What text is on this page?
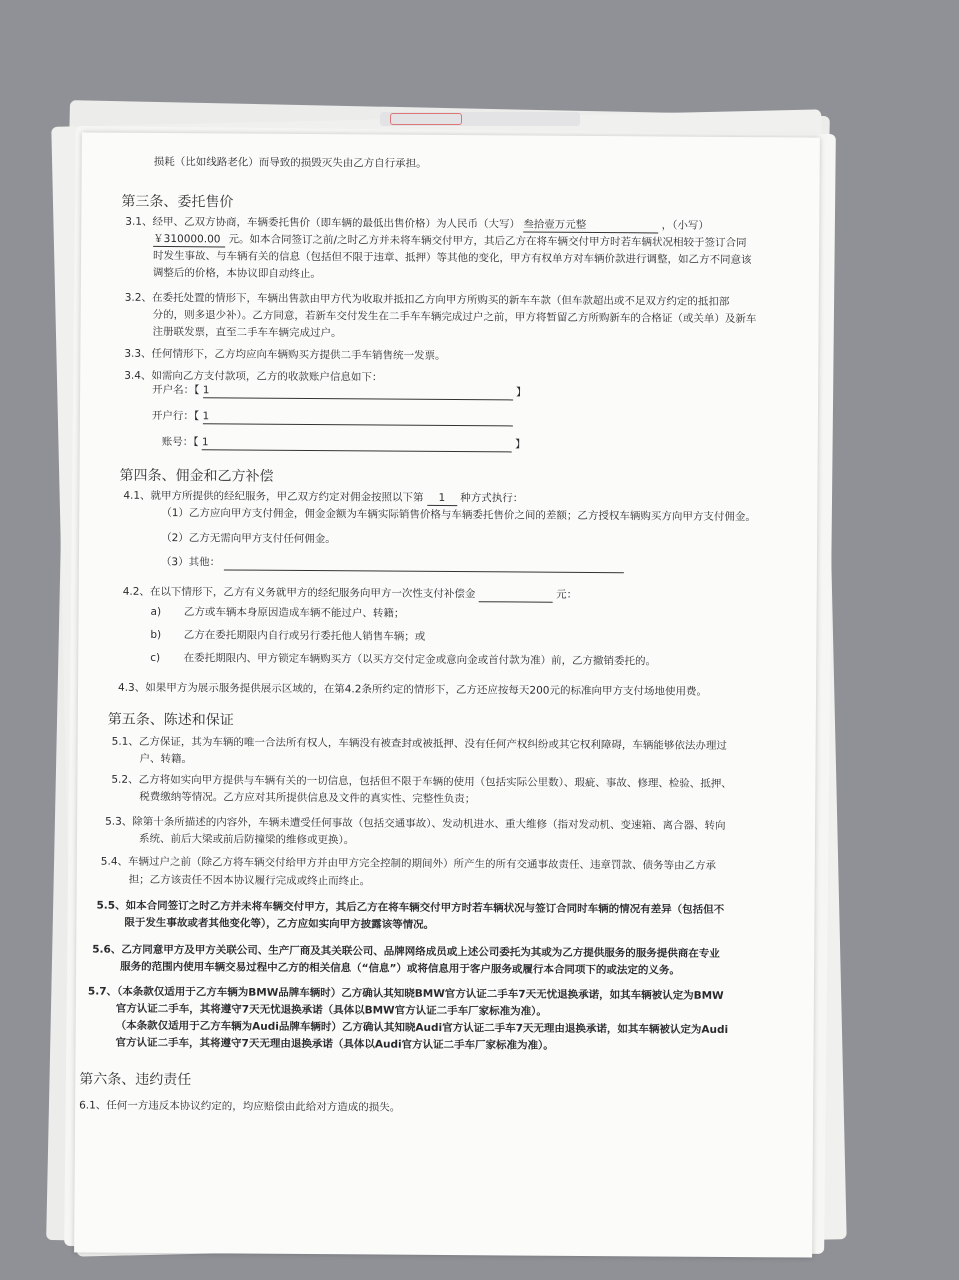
损耗（比如线路老化）而导致的损毁灭失由乙方自行承担。
第三条、委托售价
3.1、经甲、乙双方协商，车辆委托售价（即车辆的最低出售价格）为人民币（大写） 叁拾壹万元整	，（小写）
￥310000.00 元。如本合同签订之前/之时乙方并未将车辆交付甲方，其后乙方在将车辆交付甲方时若车辆状况相较于签订合同
时发生事故、与车辆有关的信息（包括但不限于违章、抵押）等其他的变化，甲方有权单方对车辆价款进行调整，如乙方不同意该
调整后的价格，本协议即自动终止。
3.2、在委托处置的情形下，车辆出售款由甲方代为收取并抵扣乙方向甲方所购买的新车车款（但车款超出或不足双方约定的抵扣部
分的，则多退少补）。乙方同意，若新车交付发生在二手车车辆完成过户之前，甲方将暂留乙方所购新车的合格证（或关单）及新车
注册联发票，直至二手车车辆完成过户。
3.3、任何情形下，乙方均应向车辆购买方提供二手车销售统一发票。
3.4、如需向乙方支付款项，乙方的收款账户信息如下：
开户名：【 1	】
开户行：【 1
账号：【 1	】
第四条、佣金和乙方补偿
4.1、就甲方所提供的经纪服务，甲乙双方约定对佣金按照以下第 1 种方式执行：
（1）乙方应向甲方支付佣金，佣金金额为车辆实际销售价格与车辆委托售价之间的差额；乙方授权车辆购买方向甲方支付佣金。
（2）乙方无需向甲方支付任何佣金。
（3）其他：
4.2、在以下情形下，乙方有义务就甲方的经纪服务向甲方一次性支付补偿金	元：
a) 乙方或车辆本身原因造成车辆不能过户、转籍；
b) 乙方在委托期限内自行或另行委托他人销售车辆；或
c) 在委托期限内、甲方锁定车辆购买方（以买方交付定金或意向金或首付款为准）前，乙方撤销委托的。
4.3、如果甲方为展示服务提供展示区域的，在第4.2条所约定的情形下，乙方还应按每天200元的标准向甲方支付场地使用费。
第五条、陈述和保证
5.1、乙方保证，其为车辆的唯一合法所有权人，车辆没有被查封或被抵押、没有任何产权纠纷或其它权利障碍，车辆能够依法办理过
户、转籍。
5.2、乙方将如实向甲方提供与车辆有关的一切信息，包括但不限于车辆的使用（包括实际公里数）、瑕疵、事故、修理、检验、抵押、
税费缴纳等情况。乙方应对其所提供信息及文件的真实性、完整性负责；
5.3、除第十条所描述的内容外，车辆未遭受任何事故（包括交通事故）、发动机进水、重大维修（指对发动机、变速箱、离合器、转向
系统、前后大梁或前后防撞梁的维修或更换）。
5.4、车辆过户之前（除乙方将车辆交付给甲方并由甲方完全控制的期间外）所产生的所有交通事故责任、违章罚款、债务等由乙方承
担；乙方该责任不因本协议履行完成或终止而终止。
5.5、如本合同签订之时乙方并未将车辆交付甲方，其后乙方在将车辆交付甲方时若车辆状况与签订合同时车辆的情况有差异（包括但不
限于发生事故或者其他变化等），乙方应如实向甲方披露该等情况。
5.6、乙方同意甲方及甲方关联公司、生产厂商及其关联公司、品牌网络成员或上述公司委托为其或为乙方提供服务的服务提供商在专业
服务的范围内使用车辆交易过程中乙方的相关信息（“信息”）或将信息用于客户服务或履行本合同项下的或法定的义务。
5.7、（本条款仅适用于乙方车辆为BMW品牌车辆时）乙方确认其知晓BMW官方认证二手车7天无忧退换承诺，如其车辆被认定为BMW
官方认证二手车，其将遵守7天无忧退换承诺（具体以BMW官方认证二手车厂家标准为准）。
（本条款仅适用于乙方车辆为Audi品牌车辆时）乙方确认其知晓Audi官方认证二手车7天无理由退换承诺，如其车辆被认定为Audi
官方认证二手车，其将遵守7天无理由退换承诺（具体以Audi官方认证二手车厂家标准为准）。
第六条、违约责任
6.1、任何一方违反本协议约定的，均应赔偿由此给对方造成的损失。
